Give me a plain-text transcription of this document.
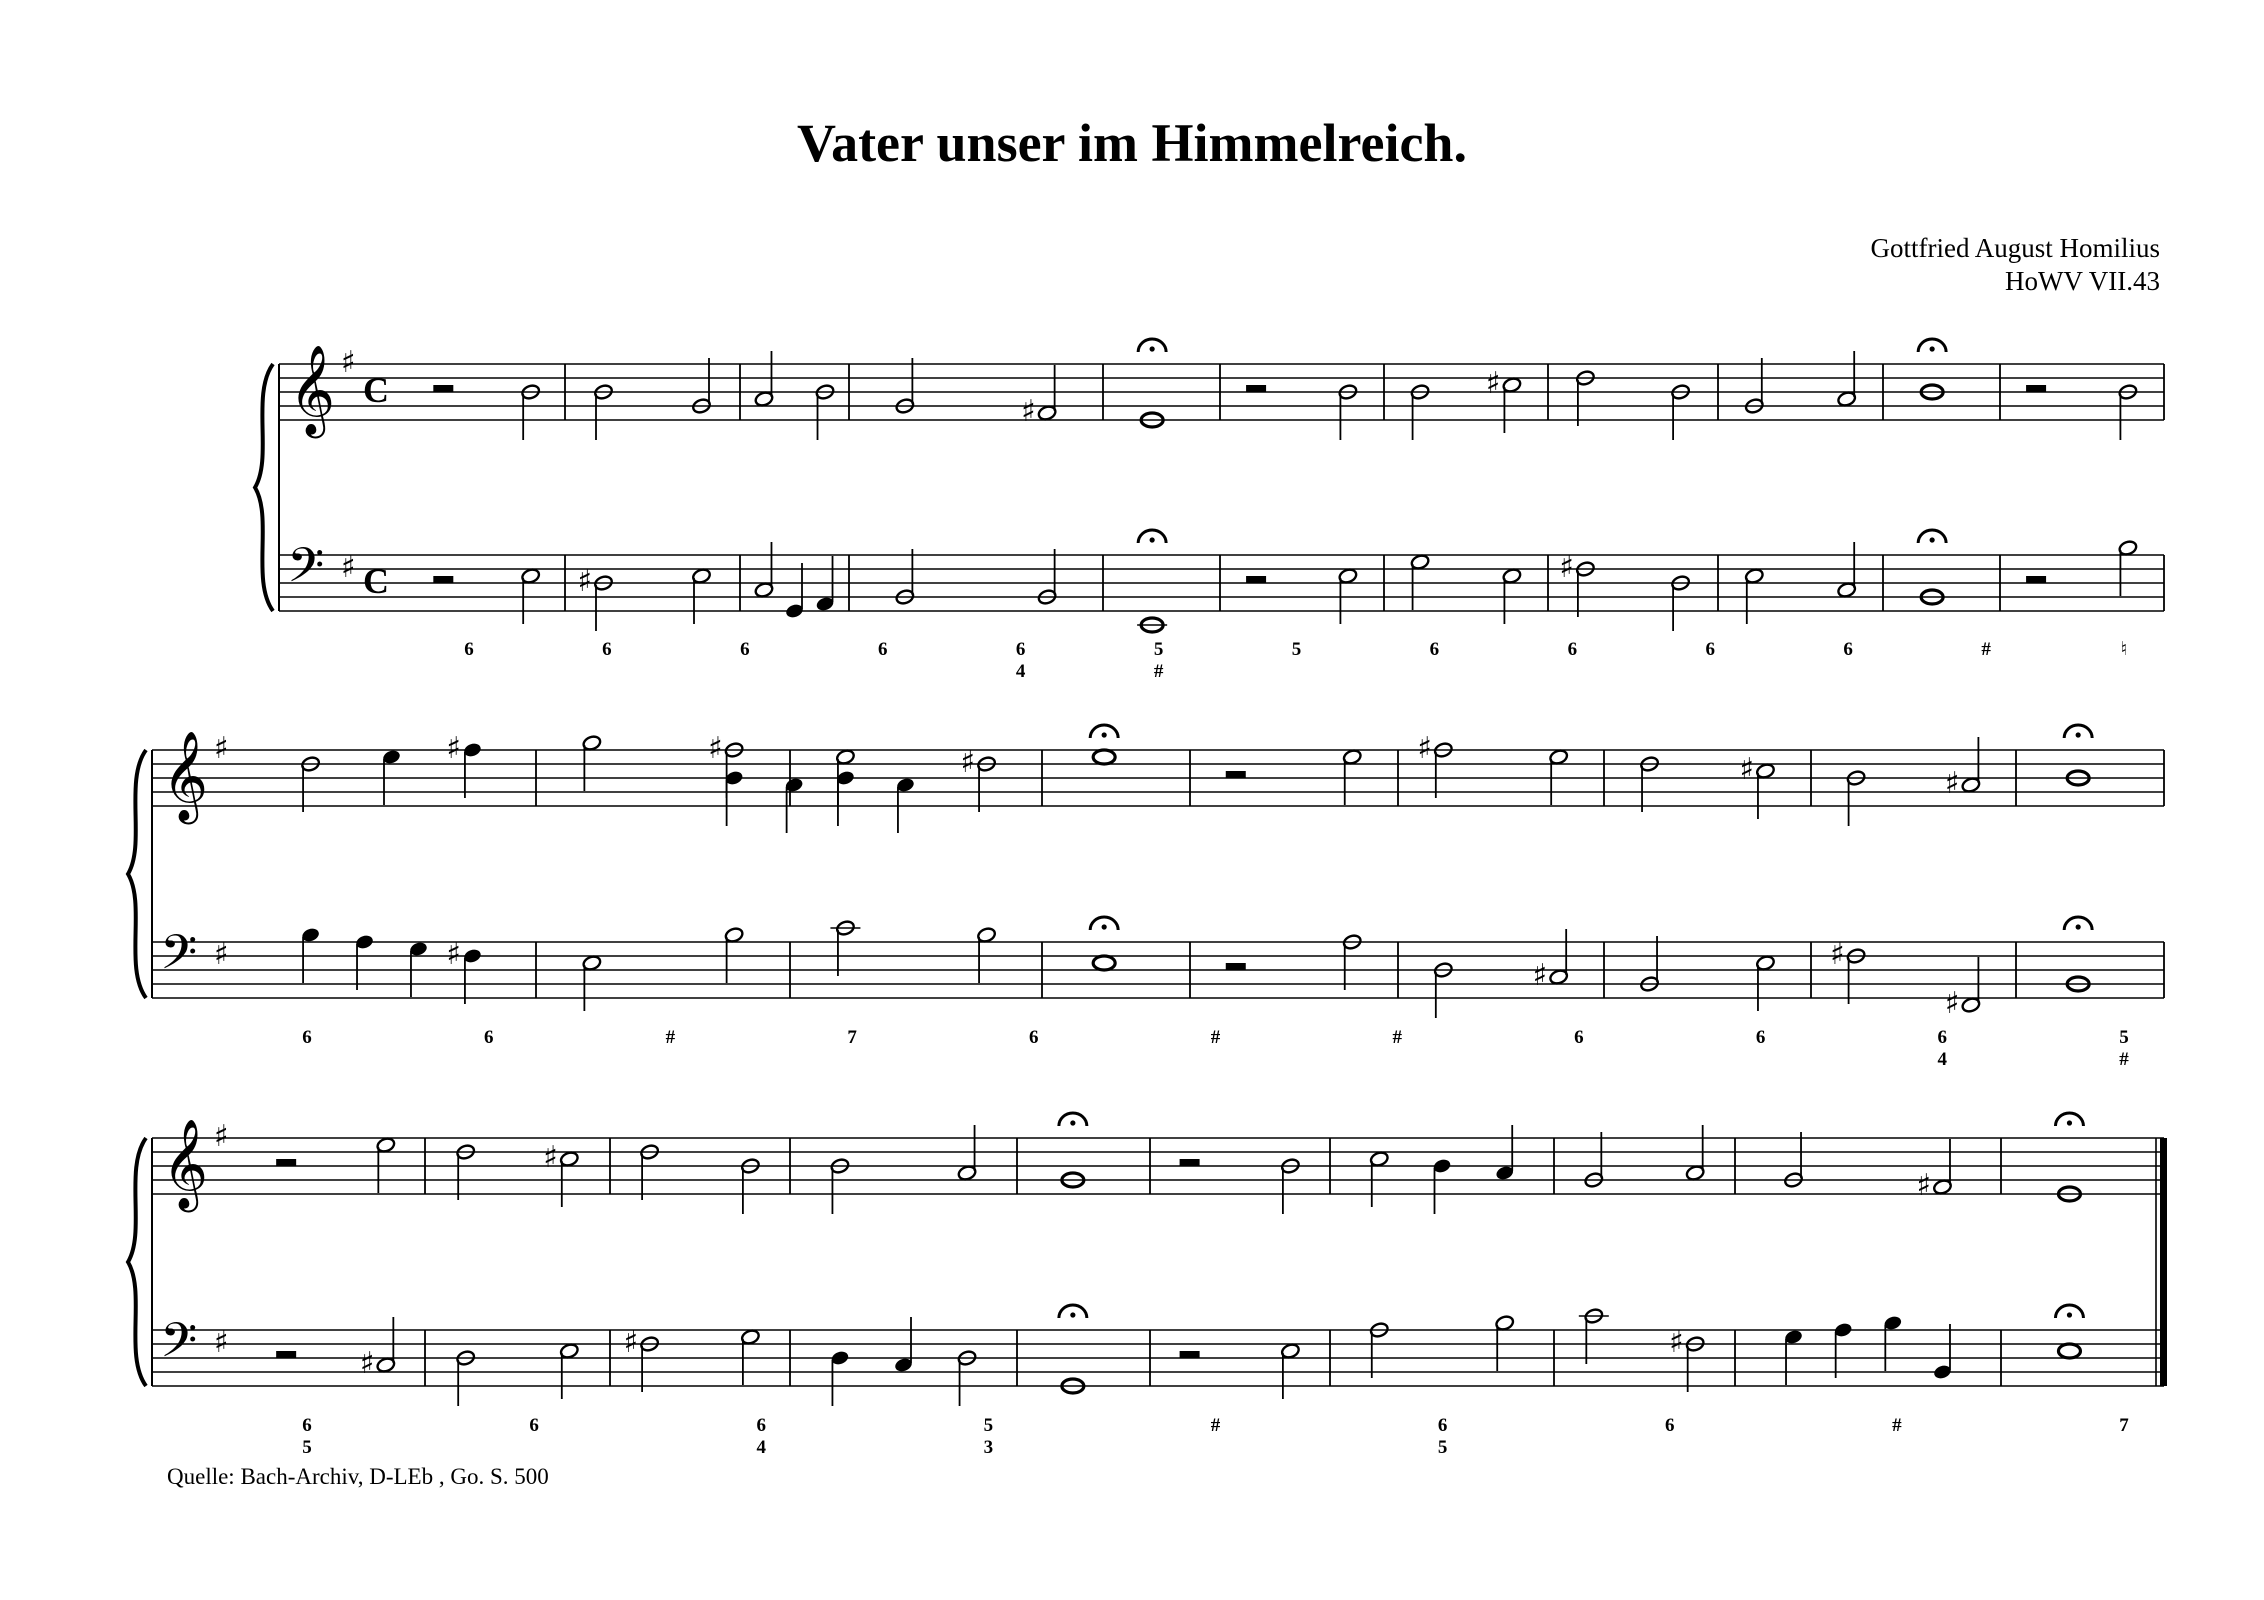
Vater unser im Himmelreich.
Gottfried August Homilius
HoWV VII.43
𝄞
𝄢
♯
♯
C
C	♯
♯
♯
♯
6	6	6	6	6
4
5
#
5	6	6	6	6	#	♮
𝄞
𝄢
♯
♯
♯
♯
♯	♯	♯
♯
♯	♯
♯
♯
6	6	#	7	6	#	#	6	6	6
4
5
#
𝄞
𝄢
♯
♯
♯
♯
♯	♯
♯
6
5
6	6
4
5
3
#	6
5
6	#	7
Quelle: Bach-Archiv, D-LEb , Go. S. 500
